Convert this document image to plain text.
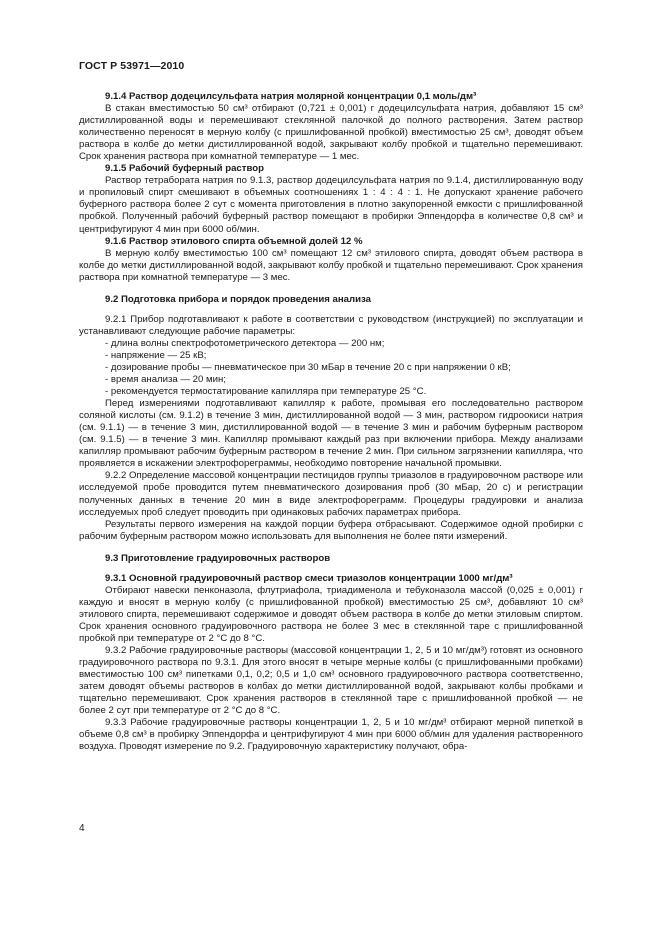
ГОСТ Р 53971—2010

9.1.4 Раствор додецилсульфата натрия молярной концентрации 0,1 моль/дм³

В стакан вместимостью 50 см³ отбирают (0,721 ± 0,001) г додецилсульфата натрия, добавляют 15 см³ дистиллированной воды и перемешивают стеклянной палочкой до полного растворения. Затем раствор количественно переносят в мерную колбу (с пришлифованной пробкой) вместимостью 25 см³, доводят объем раствора в колбе до метки дистиллированной водой, закрывают колбу пробкой и тщательно перемешивают. Срок хранения раствора при комнатной температуре — 1 мес.

9.1.5 Рабочий буферный раствор

Раствор тетрабората натрия по 9.1.3, раствор додецилсульфата натрия по 9.1.4, дистиллированную воду и пропиловый спирт смешивают в объемных соотношениях 1 : 4 : 4 : 1. Не допускают хранение рабочего буферного раствора более 2 сут с момента приготовления в плотно закупоренной емкости с пришлифованной пробкой. Полученный рабочий буферный раствор помещают в пробирки Эппендорфа в количестве 0,8 см³ и центрифугируют 4 мин при 6000 об/мин.

9.1.6 Раствор этилового спирта объемной долей 12 %

В мерную колбу вместимостью 100 см³ помещают 12 см³ этилового спирта, доводят объем раствора в колбе до метки дистиллированной водой, закрывают колбу пробкой и тщательно перемешивают. Срок хранения раствора при комнатной температуре — 3 мес.

9.2 Подготовка прибора и порядок проведения анализа

9.2.1 Прибор подготавливают к работе в соответствии с руководством (инструкцией) по эксплуатации и устанавливают следующие рабочие параметры:

- длина волны спектрофотометрического детектора — 200 нм;

- напряжение — 25 кВ;

- дозирование пробы — пневматическое при 30 мБар в течение 20 с при напряжении 0 кВ;

- время анализа — 20 мин;

- рекомендуется термостатирование капилляра при температуре 25 °С.

Перед измерениями подготавливают капилляр к работе, промывая его последовательно раствором соляной кислоты (см. 9.1.2) в течение 3 мин, дистиллированной водой — 3 мин, раствором гидроокиси натрия (см. 9.1.1) — в течение 3 мин, дистиллированной водой — в течение 3 мин и рабочим буферным раствором (см. 9.1.5) — в течение 3 мин. Капилляр промывают каждый раз при включении прибора. Между анализами капилляр промывают рабочим буферным раствором в течение 2 мин. При сильном загрязнении капилляра, что проявляется в искажении электрофореграммы, необходимо повторение начальной промывки.

9.2.2 Определение массовой концентрации пестицидов группы триазолов в градуировочном растворе или исследуемой пробе проводится путем пневматического дозирования проб (30 мБар, 20 с) и регистрации полученных данных в течение 20 мин в виде электрофореграмм. Процедуры градуировки и анализа исследуемых проб следует проводить при одинаковых рабочих параметрах прибора.

Результаты первого измерения на каждой порции буфера отбрасывают. Содержимое одной пробирки с рабочим буферным раствором можно использовать для выполнения не более пяти измерений.

9.3 Приготовление градуировочных растворов

9.3.1 Основной градуировочный раствор смеси триазолов концентрации 1000 мг/дм³

Отбирают навески пенконазола, флутриафола, триадименола и тебуконазола массой (0,025 ± 0,001) г каждую и вносят в мерную колбу (с пришлифованной пробкой) вместимостью 25 см³, добавляют 10 см³ этилового спирта, перемешивают содержимое и доводят объем раствора в колбе до метки этиловым спиртом. Срок хранения основного градуировочного раствора не более 3 мес в стеклянной таре с пришлифованной пробкой при температуре от 2 °С до 8 °С.

9.3.2 Рабочие градуировочные растворы (массовой концентрации 1, 2, 5 и 10 мг/дм³) готовят из основного градуировочного раствора по 9.3.1. Для этого вносят в четыре мерные колбы (с пришлифованными пробками) вместимостью 100 см³ пипетками 0,1, 0,2; 0,5 и 1,0 см³ основного градуировочного раствора соответственно, затем доводят объемы растворов в колбах до метки дистиллированной водой, закрывают колбы пробками и тщательно перемешивают. Срок хранения растворов в стеклянной таре с пришлифованной пробкой — не более 2 сут при температуре от 2 °С до 8 °С.

9.3.3 Рабочие градуировочные растворы концентрации 1, 2, 5 и 10 мг/дм³ отбирают мерной пипеткой в объеме 0,8 см³ в пробирку Эппендорфа и центрифугируют 4 мин при 6000 об/мин для удаления растворенного воздуха. Проводят измерение по 9.2. Градуировочную характеристику получают, обра-

4
